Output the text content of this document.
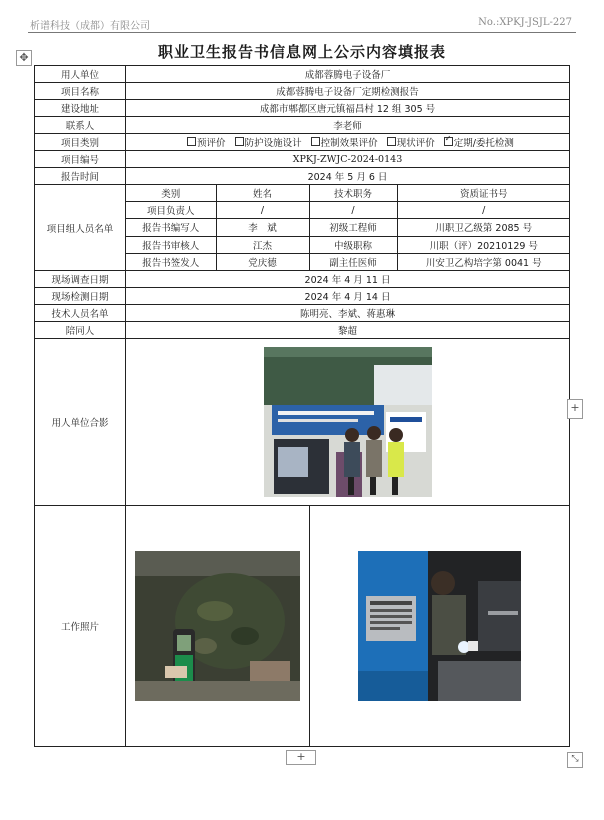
析谱科技（成都）有限公司	No.:XPKJ-JSJL-227
✥	职业卫生报告书信息网上公示内容填报表
用人单位	成都蓉腾电子设备厂
项目名称	成都蓉腾电子设备厂定期检测报告
建设地址	成都市郫都区唐元镇福昌村 12 组 305 号
联系人	李老师
项目类别	预评价 防护设施设计 控制效果评价 现状评价 ✓ 定期/委托检测
项目编号	XPKJ-ZWJC-2024-0143
报告时间	2024 年 5 月 6 日
项目组人员名单	
类别	姓名	技术职务	资质证书号
项目负责人	/	/	/
报告书编写人	李　斌	初级工程师	川职卫乙级第 2085 号
报告书审核人	江杰	中级职称	川职（评）20210129 号
报告书签发人	党庆德	副主任医师	川安卫乙构培字第 0041 号

现场调查日期	2024 年 4 月 11 日
现场检测日期	2024 年 4 月 14 日
技术人员名单	陈明亮、李斌、蒋惠琳
陪同人	黎超
用人单位合影	

工作照片	

+
+	⤡
